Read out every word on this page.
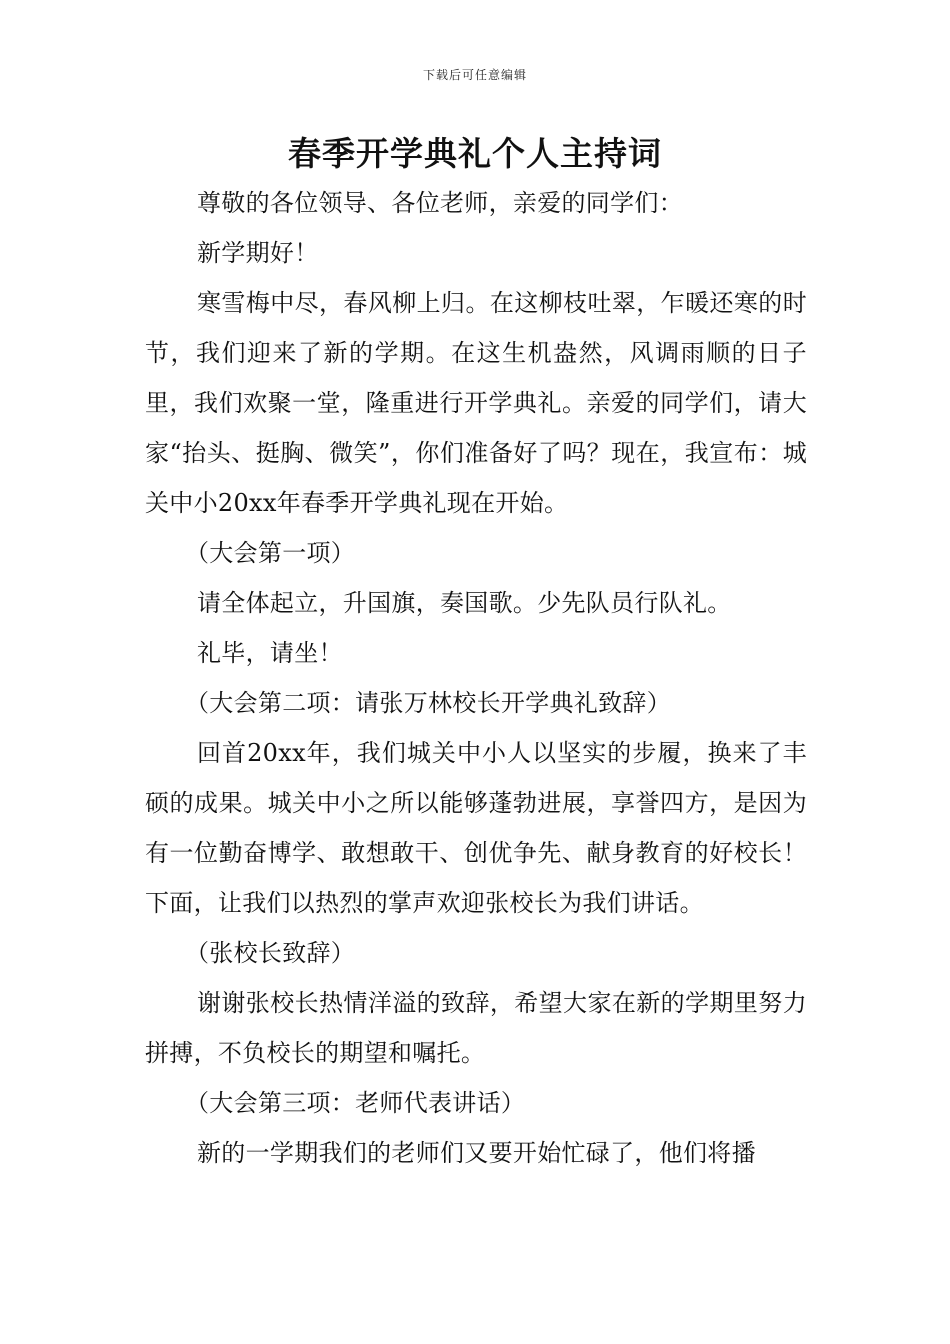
下载后可任意编辑
春季开学典礼个人主持词

尊敬的各位领导、各位老师，亲爱的同学们：

新学期好！

寒雪梅中尽，春风柳上归。在这柳枝吐翠，乍暖还寒的时节，我们迎来了新的学期。在这生机盎然，风调雨顺的日子里，我们欢聚一堂，隆重进行开学典礼。亲爱的同学们，请大家“抬头、挺胸、微笑”，你们准备好了吗？现在，我宣布：城关中小20xx年春季开学典礼现在开始。

（大会第一项）

请全体起立，升国旗，奏国歌。少先队员行队礼。

礼毕，请坐！

（大会第二项：请张万林校长开学典礼致辞）

回首20xx年，我们城关中小人以坚实的步履，换来了丰硕的成果。城关中小之所以能够蓬勃进展，享誉四方，是因为有一位勤奋博学、敢想敢干、创优争先、献身教育的好校长！下面，让我们以热烈的掌声欢迎张校长为我们讲话。

（张校长致辞）

谢谢张校长热情洋溢的致辞，希望大家在新的学期里努力拼搏，不负校长的期望和嘱托。

（大会第三项：老师代表讲话）

新的一学期我们的老师们又要开始忙碌了，他们将播
